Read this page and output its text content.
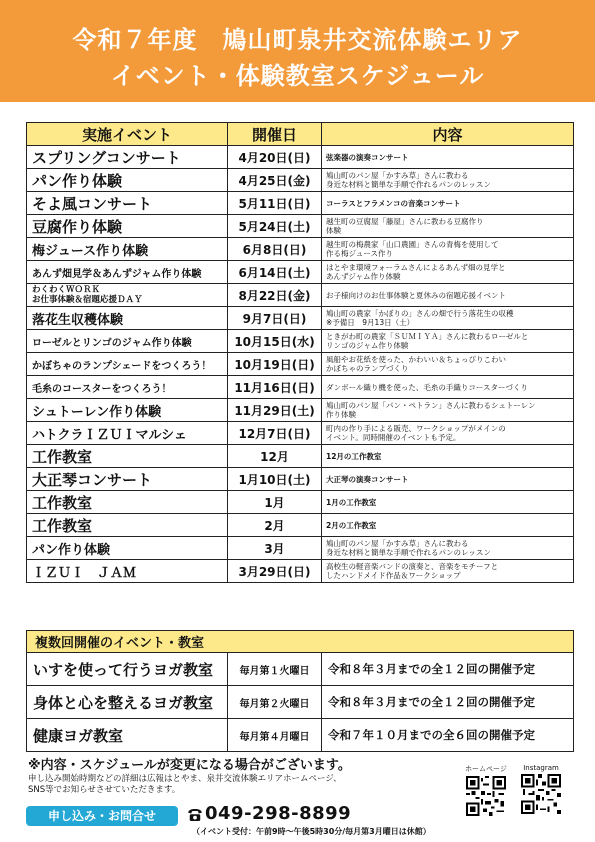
令和７年度　鳩山町泉井交流体験エリア
イベント・体験教室スケジュール
実施イベント	開催日	内容
スプリングコンサート	4月20日(日)	弦楽器の演奏コンサート
パン作り体験	4月25日(金)	鳩山町のパン屋「かすみ草」さんに教わる
身近な材料と簡単な手順で作れるパンのレッスン
そよ風コンサート	5月11日(日)	コーラスとフラメンコの音楽コンサート
豆腐作り体験	5月24日(土)	越生町の豆腐屋「藤屋」さんに教わる豆腐作り
体験
梅ジュース作り体験	6月8日(日)	越生町の梅農家「山口農園」さんの青梅を使用して
作る梅ジュース作り
あんず畑見学＆あんずジャム作り体験	6月14日(土)	はとやま環境フォーラムさんによるあんず畑の見学と
あんずジャム作り体験
わくわくＷＯＲＫ
お仕事体験＆宿題応援ＤＡＹ	8月22日(金)	お子様向けのお仕事体験と夏休みの宿題応援イベント
落花生収穫体験	9月7日(日)	鳩山町の農家「かぼりの」さんの畑で行う落花生の収穫
※予備日　9月13日（土）
ローゼルとリンゴのジャム作り体験	10月15日(水)	ときがわ町の農家「ＳＵＭＩＹＡ」さんに教わるローゼルと
リンゴのジャム作り体験
かぼちゃのランプシェードをつくろう！	10月19日(日)	風船やお花紙を使った、かわいい＆ちょっぴりこわい
かぼちゃのランプづくり
毛糸のコースターをつくろう！	11月16日(日)	ダンボール織り機を使った、毛糸の手織りコースターづくり
シュトーレン作り体験	11月29日(土)	鳩山町のパン屋「パン・ペトラン」さんに教わるシュトーレン
作り体験
ハトクラＩＺＵＩマルシェ	12月7日(日)	町内の作り手による販売、ワークショップがメインの
イベント。同時開催のイベントも予定。
工作教室	12月	12月の工作教室
大正琴コンサート	1月10日(土)	大正琴の演奏コンサート
工作教室	1月	1月の工作教室
工作教室	2月	2月の工作教室
パン作り体験	3月	鳩山町のパン屋「かすみ草」さんに教わる
身近な材料と簡単な手順で作れるパンのレッスン
ＩＺＵＩ　ＪＡＭ	3月29日(日)	高校生の軽音楽バンドの演奏と、音楽をモチーフと
したハンドメイド作品＆ワークショップ
複数回開催のイベント・教室		
いすを使って行うヨガ教室	毎月第１火曜日	令和８年３月までの全１２回の開催予定
身体と心を整えるヨガ教室	毎月第２火曜日	令和８年３月までの全１２回の開催予定
健康ヨガ教室	毎月第４月曜日	令和７年１０月までの全６回の開催予定
※内容・スケジュールが変更になる場合がございます。
申し込み開始時期などの詳細は広報はとやま、泉井交流体験エリアホームページ、
SNS等でお知らせさせていただきます。
ホームページ	Instagram
申し込み・お問合せ	049-298-8899
（イベント受付：午前9時〜午後5時30分/毎月第3月曜日は休館）
